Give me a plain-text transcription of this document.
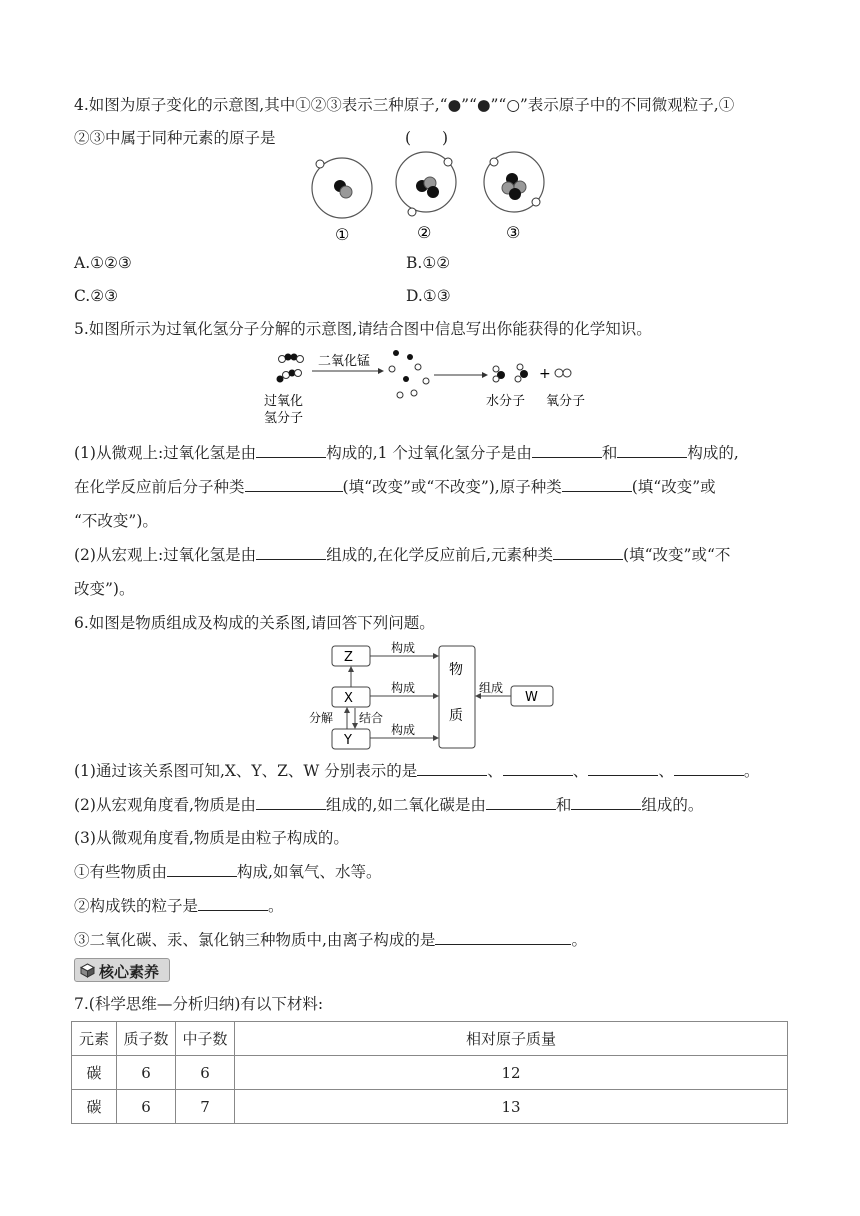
4.如图为原子变化的示意图,其中①②③表示三种原子,“●”“●”“○”表示原子中的不同微观粒子,①
②③中属于同种元素的原子是	(　　)
①	②	③
A.①②③	B.①②
C.②③	D.①③
5.如图所示为过氧化氢分子分解的示意图,请结合图中信息写出你能获得的化学知识。
过氧化
氢分子
二氧化锰
+
水分子 氧分子
(1)从微观上:过氧化氢是由	构成的,1 个过氧化氢分子是由	和	构成的,
在化学反应前后分子种类	(填“改变”或“不改变”),原子种类	(填“改变”或
“不改变”)。
(2)从宏观上:过氧化氢是由	组成的,在化学反应前后,元素种类	(填“改变”或“不
改变”)。
6.如图是物质组成及构成的关系图,请回答下列问题。
Z
X
Y
物
质
W
构成
构成
构成
组成
分解 结合
(1)通过该关系图可知,X、Y、Z、W 分别表示的是	、	、	、	。
(2)从宏观角度看,物质是由	组成的,如二氧化碳是由	和	组成的。
(3)从微观角度看,物质是由粒子构成的。
①有些物质由	构成,如氧气、水等。
②构成铁的粒子是	。
③二氧化碳、汞、氯化钠三种物质中,由离子构成的是	。
核心素养
7.(科学思维—分析归纳)有以下材料:
元素	质子数	中子数	相对原子质量
碳	6	6	12
碳	6	7	13
